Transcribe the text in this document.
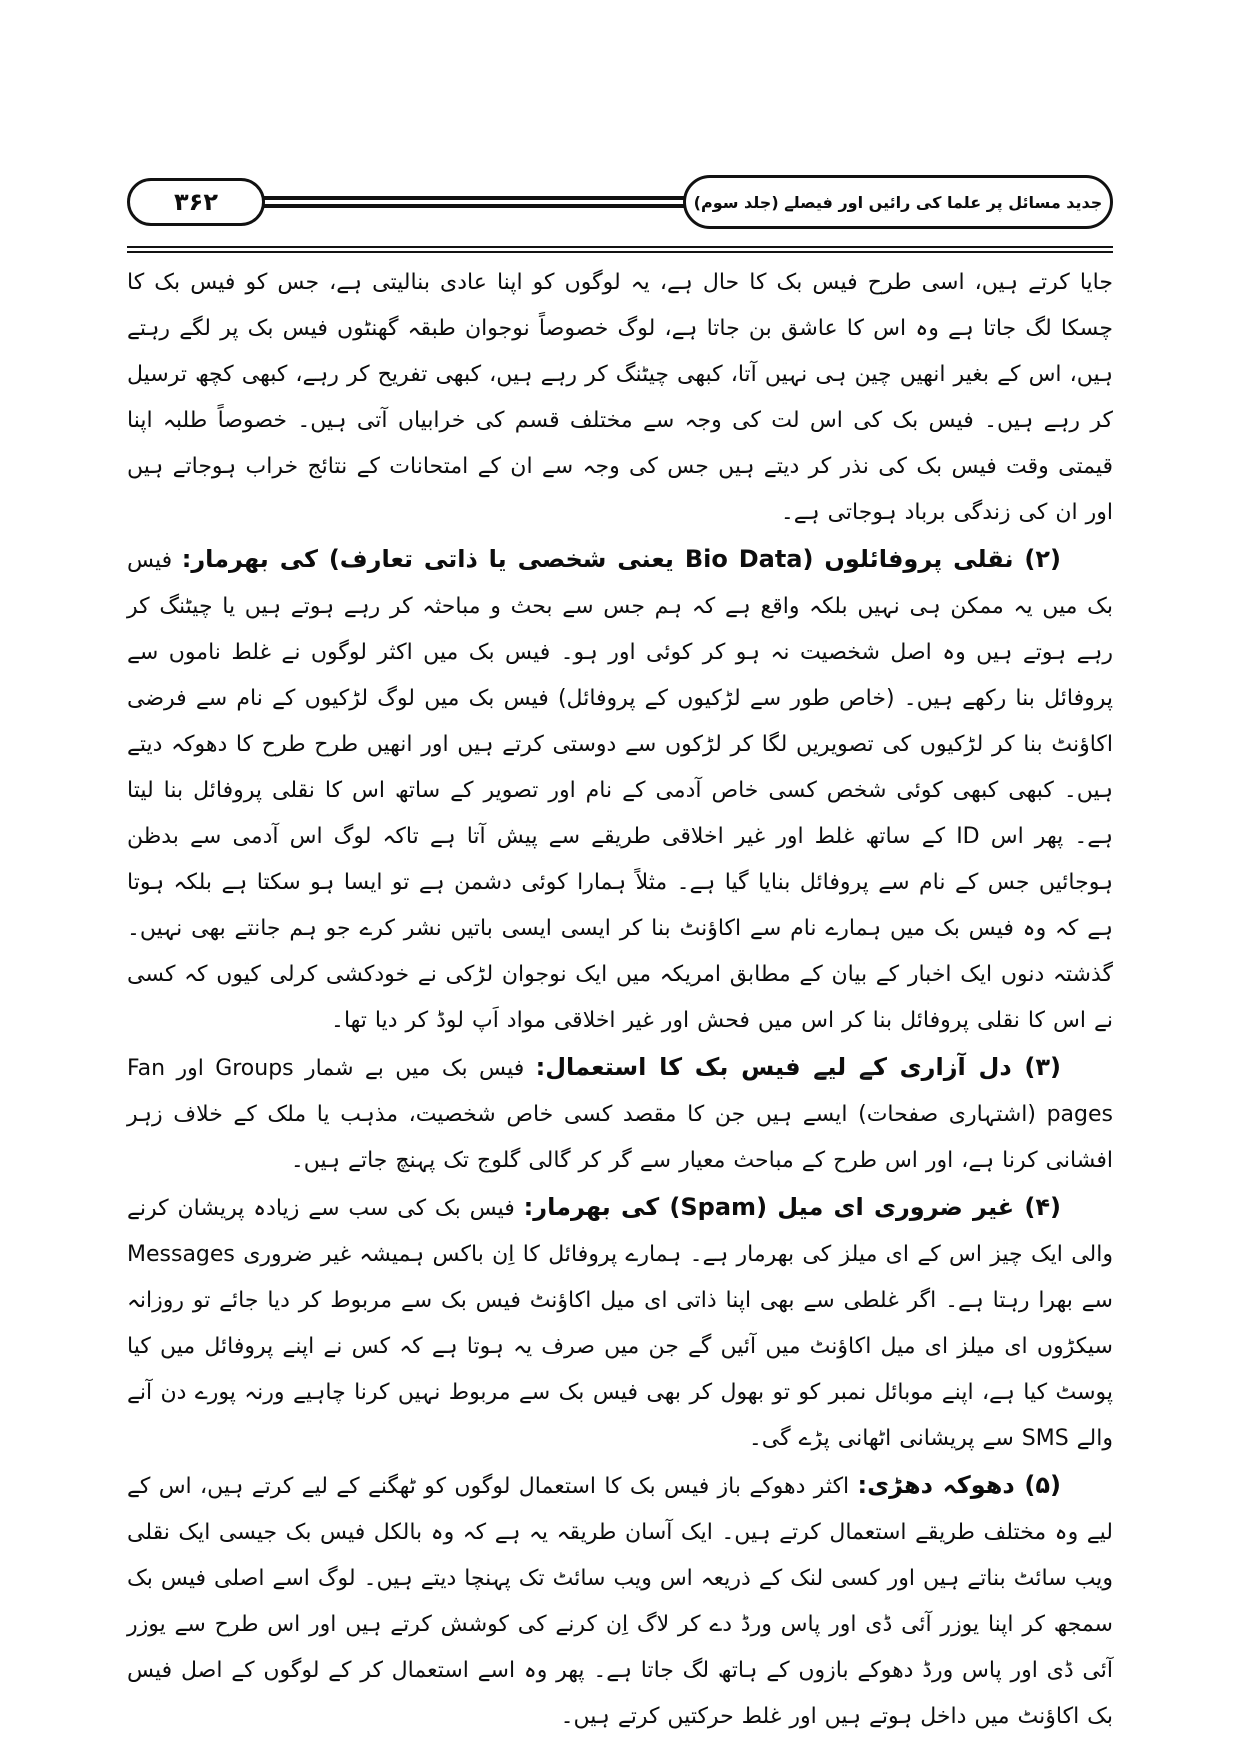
۳۶۲	جدید مسائل پر علما کی رائیں اور فیصلے (جلد سوم)

جایا کرتے ہیں، اسی طرح فیس بک کا حال ہے، یہ لوگوں کو اپنا عادی بنالیتی ہے، جس کو فیس بک کا چسکا لگ جاتا ہے وہ اس کا عاشق بن جاتا ہے، لوگ خصوصاً نوجوان طبقہ گھنٹوں فیس بک پر لگے رہتے ہیں، اس کے بغیر انھیں چین ہی نہیں آتا، کبھی چیٹنگ کر رہے ہیں، کبھی تفریح کر رہے، کبھی کچھ ترسیل کر رہے ہیں۔ فیس بک کی اس لت کی وجہ سے مختلف قسم کی خرابیاں آتی ہیں۔ خصوصاً طلبہ اپنا قیمتی وقت فیس بک کی نذر کر دیتے ہیں جس کی وجہ سے ان کے امتحانات کے نتائج خراب ہوجاتے ہیں اور ان کی زندگی برباد ہوجاتی ہے۔

(۲) نقلی پروفائلوں (Bio Data یعنی شخصی یا ذاتی تعارف) کی بھرمار: فیس بک میں یہ ممکن ہی نہیں بلکہ واقع ہے کہ ہم جس سے بحث و مباحثہ کر رہے ہوتے ہیں یا چیٹنگ کر رہے ہوتے ہیں وہ اصل شخصیت نہ ہو کر کوئی اور ہو۔ فیس بک میں اکثر لوگوں نے غلط ناموں سے پروفائل بنا رکھے ہیں۔ (خاص طور سے لڑکیوں کے پروفائل) فیس بک میں لوگ لڑکیوں کے نام سے فرضی اکاؤنٹ بنا کر لڑکیوں کی تصویریں لگا کر لڑکوں سے دوستی کرتے ہیں اور انھیں طرح طرح کا دھوکہ دیتے ہیں۔ کبھی کبھی کوئی شخص کسی خاص آدمی کے نام اور تصویر کے ساتھ اس کا نقلی پروفائل بنا لیتا ہے۔ پھر اس ID کے ساتھ غلط اور غیر اخلاقی طریقے سے پیش آتا ہے تاکہ لوگ اس آدمی سے بدظن ہوجائیں جس کے نام سے پروفائل بنایا گیا ہے۔ مثلاً ہمارا کوئی دشمن ہے تو ایسا ہو سکتا ہے بلکہ ہوتا ہے کہ وہ فیس بک میں ہمارے نام سے اکاؤنٹ بنا کر ایسی ایسی باتیں نشر کرے جو ہم جانتے بھی نہیں۔ گذشتہ دنوں ایک اخبار کے بیان کے مطابق امریکہ میں ایک نوجوان لڑکی نے خودکشی کرلی کیوں کہ کسی نے اس کا نقلی پروفائل بنا کر اس میں فحش اور غیر اخلاقی مواد اَپ لوڈ کر دیا تھا۔

(۳) دل آزاری کے لیے فیس بک کا استعمال: فیس بک میں بے شمار Groups اور Fan pages (اشتہاری صفحات) ایسے ہیں جن کا مقصد کسی خاص شخصیت، مذہب یا ملک کے خلاف زہر افشانی کرنا ہے، اور اس طرح کے مباحث معیار سے گر کر گالی گلوج تک پہنچ جاتے ہیں۔

(۴) غیر ضروری ای میل (Spam) کی بھرمار: فیس بک کی سب سے زیادہ پریشان کرنے والی ایک چیز اس کے ای میلز کی بھرمار ہے۔ ہمارے پروفائل کا اِن باکس ہمیشہ غیر ضروری Messages سے بھرا رہتا ہے۔ اگر غلطی سے بھی اپنا ذاتی ای میل اکاؤنٹ فیس بک سے مربوط کر دیا جائے تو روزانہ سیکڑوں ای میلز ای میل اکاؤنٹ میں آئیں گے جن میں صرف یہ ہوتا ہے کہ کس نے اپنے پروفائل میں کیا پوسٹ کیا ہے، اپنے موبائل نمبر کو تو بھول کر بھی فیس بک سے مربوط نہیں کرنا چاہیے ورنہ پورے دن آنے والے SMS سے پریشانی اٹھانی پڑے گی۔

(۵) دھوکہ دھڑی: اکثر دھوکے باز فیس بک کا استعمال لوگوں کو ٹھگنے کے لیے کرتے ہیں، اس کے لیے وہ مختلف طریقے استعمال کرتے ہیں۔ ایک آسان طریقہ یہ ہے کہ وہ بالکل فیس بک جیسی ایک نقلی ویب سائٹ بناتے ہیں اور کسی لنک کے ذریعہ اس ویب سائٹ تک پہنچا دیتے ہیں۔ لوگ اسے اصلی فیس بک سمجھ کر اپنا یوزر آئی ڈی اور پاس ورڈ دے کر لاگ اِن کرنے کی کوشش کرتے ہیں اور اس طرح سے یوزر آئی ڈی اور پاس ورڈ دھوکے بازوں کے ہاتھ لگ جاتا ہے۔ پھر وہ اسے استعمال کر کے لوگوں کے اصل فیس بک اکاؤنٹ میں داخل ہوتے ہیں اور غلط حرکتیں کرتے ہیں۔
